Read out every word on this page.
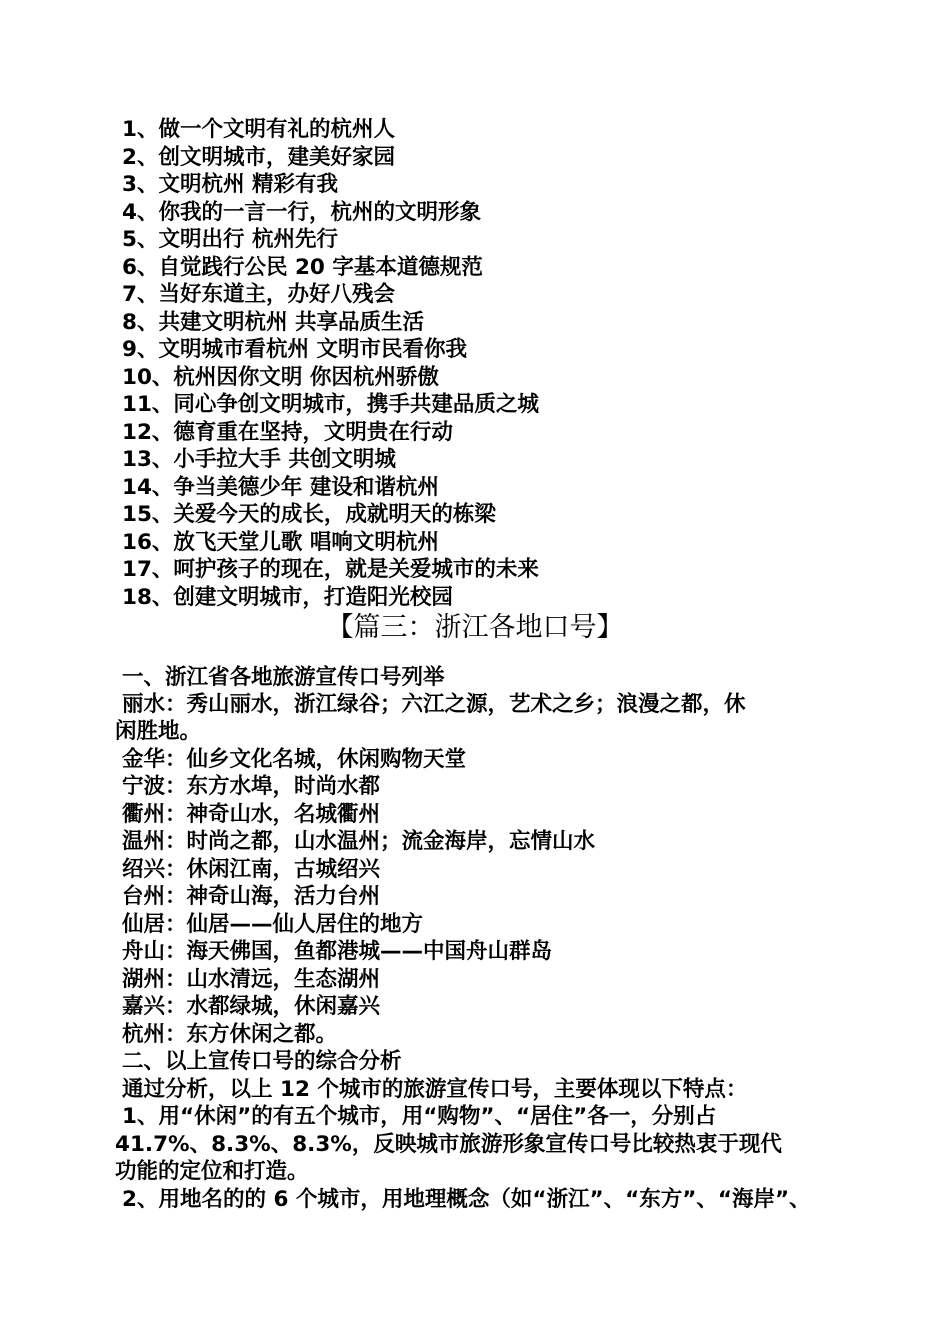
1、做一个文明有礼的杭州人
2、创文明城市，建美好家园
3、文明杭州 精彩有我
4、你我的一言一行，杭州的文明形象
5、文明出行 杭州先行
6、自觉践行公民 20 字基本道德规范
7、当好东道主，办好八残会
8、共建文明杭州 共享品质生活
9、文明城市看杭州 文明市民看你我
10、杭州因你文明 你因杭州骄傲
11、同心争创文明城市，携手共建品质之城
12、德育重在坚持，文明贵在行动
13、小手拉大手 共创文明城
14、争当美德少年 建设和谐杭州
15、关爱今天的成长，成就明天的栋梁
16、放飞天堂儿歌 唱响文明杭州
17、呵护孩子的现在，就是关爱城市的未来
18、创建文明城市，打造阳光校园
【篇三：浙江各地口号】
一、浙江省各地旅游宣传口号列举
丽水：秀山丽水，浙江绿谷；六江之源，艺术之乡；浪漫之都，休
闲胜地。
金华：仙乡文化名城，休闲购物天堂
宁波：东方水埠，时尚水都
衢州：神奇山水，名城衢州
温州：时尚之都，山水温州；流金海岸，忘情山水
绍兴：休闲江南，古城绍兴
台州：神奇山海，活力台州
仙居：仙居——仙人居住的地方
舟山：海天佛国，鱼都港城——中国舟山群岛
湖州：山水清远，生态湖州
嘉兴：水都绿城，休闲嘉兴
杭州：东方休闲之都。
二、以上宣传口号的综合分析
通过分析，以上 12 个城市的旅游宣传口号，主要体现以下特点：
1、用“休闲”的有五个城市，用“购物”、“居住”各一，分别占
41.7%、8.3%、8.3%，反映城市旅游形象宣传口号比较热衷于现代
功能的定位和打造。
2、用地名的的 6 个城市，用地理概念（如“浙江”、“东方”、“海岸”、
